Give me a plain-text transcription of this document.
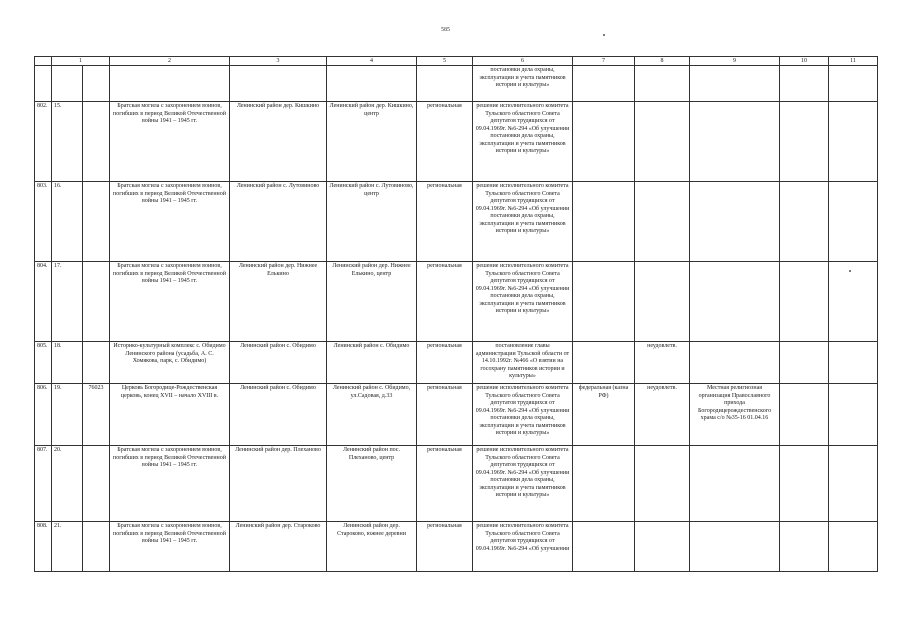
585
	1		2	3	4	5	6	7	8	9	10	11
							постановки дела охраны, эксплуатации и учета памятников истории и культуры»					
802.	15.		Братская могила с захоронением воинов, погибших в период Великой Отечественной войны 1941 – 1945 гг.	Ленинский район дер. Кишкино	Ленинский район дер. Кишкино, центр	региональная	решение исполнительного комитета Тульского областного Совета депутатов трудящихся от 09.04.1969г. №6-294 «Об улучшении постановки дела охраны, эксплуатации и учета памятников истории и культуры»					
803.	16.		Братская могила с захоронением воинов, погибших в период Великой Отечественной войны 1941 – 1945 гг.	Ленинский район с. Лутовиново	Ленинский район с. Лутовиново, центр	региональная	решение исполнительного комитета Тульского областного Совета депутатов трудящихся от 09.04.1969г. №6-294 «Об улучшении постановки дела охраны, эксплуатации и учета памятников истории и культуры»					
804.	17.		Братская могила с захоронением воинов, погибших в период Великой Отечественной войны 1941 – 1945 гг.	Ленинский район дер. Нижнее Елькино	Ленинский район дер. Нижнее Елькино, центр	региональная	решение исполнительного комитета Тульского областного Совета депутатов трудящихся от 09.04.1969г. №6-294 «Об улучшении постановки дела охраны, эксплуатации и учета памятников истории и культуры»					
805.	18.		Историко-культурный комплекс с. Обидимо Ленинского района (усадьба, А. С. Хомякова, парк, с. Обидимо)	Ленинский район с. Обидимо	Ленинский район с. Обидимо	региональная	постановление главы администрации Тульской области от 14.10.1992г. №466 «О взятии на госохрану памятников истории и культуры»		неудовлетв.			
806.	19.	76023	Церковь Богородице-Рождественская церковь, конец XVII – начало XVIII в.	Ленинский район с. Обидимо	Ленинский район с. Обидимо, ул.Садовая, д.33	региональная	решение исполнительного комитета Тульского областного Совета депутатов трудящихся от 09.04.1969г. №6-294 «Об улучшении постановки дела охраны, эксплуатации и учета памятников истории и культуры»	федеральная (казна РФ)	неудовлетв.	Местная религиозная организация Православного прихода Богородицерождественского храма с/о №35-16 01.04.16		
807.	20.		Братская могила с захоронением воинов, погибших в период Великой Отечественной войны 1941 – 1945 гг.	Ленинский район дер. Плехановo	Ленинский район пос. Плеханово, центр	региональная	решение исполнительного комитета Тульского областного Совета депутатов трудящихся от 09.04.1969г. №6-294 «Об улучшении постановки дела охраны, эксплуатации и учета памятников истории и культуры»					
808.	21.		Братская могила с захоронением воинов, погибших в период Великой Отечественной войны 1941 – 1945 гг.	Ленинский район дер. Староково	Ленинский район дер. Староково, южнее деревни	региональная	решение исполнительного комитета Тульского областного Совета депутатов трудящихся от 09.04.1969г. №6-294 «Об улучшении					
